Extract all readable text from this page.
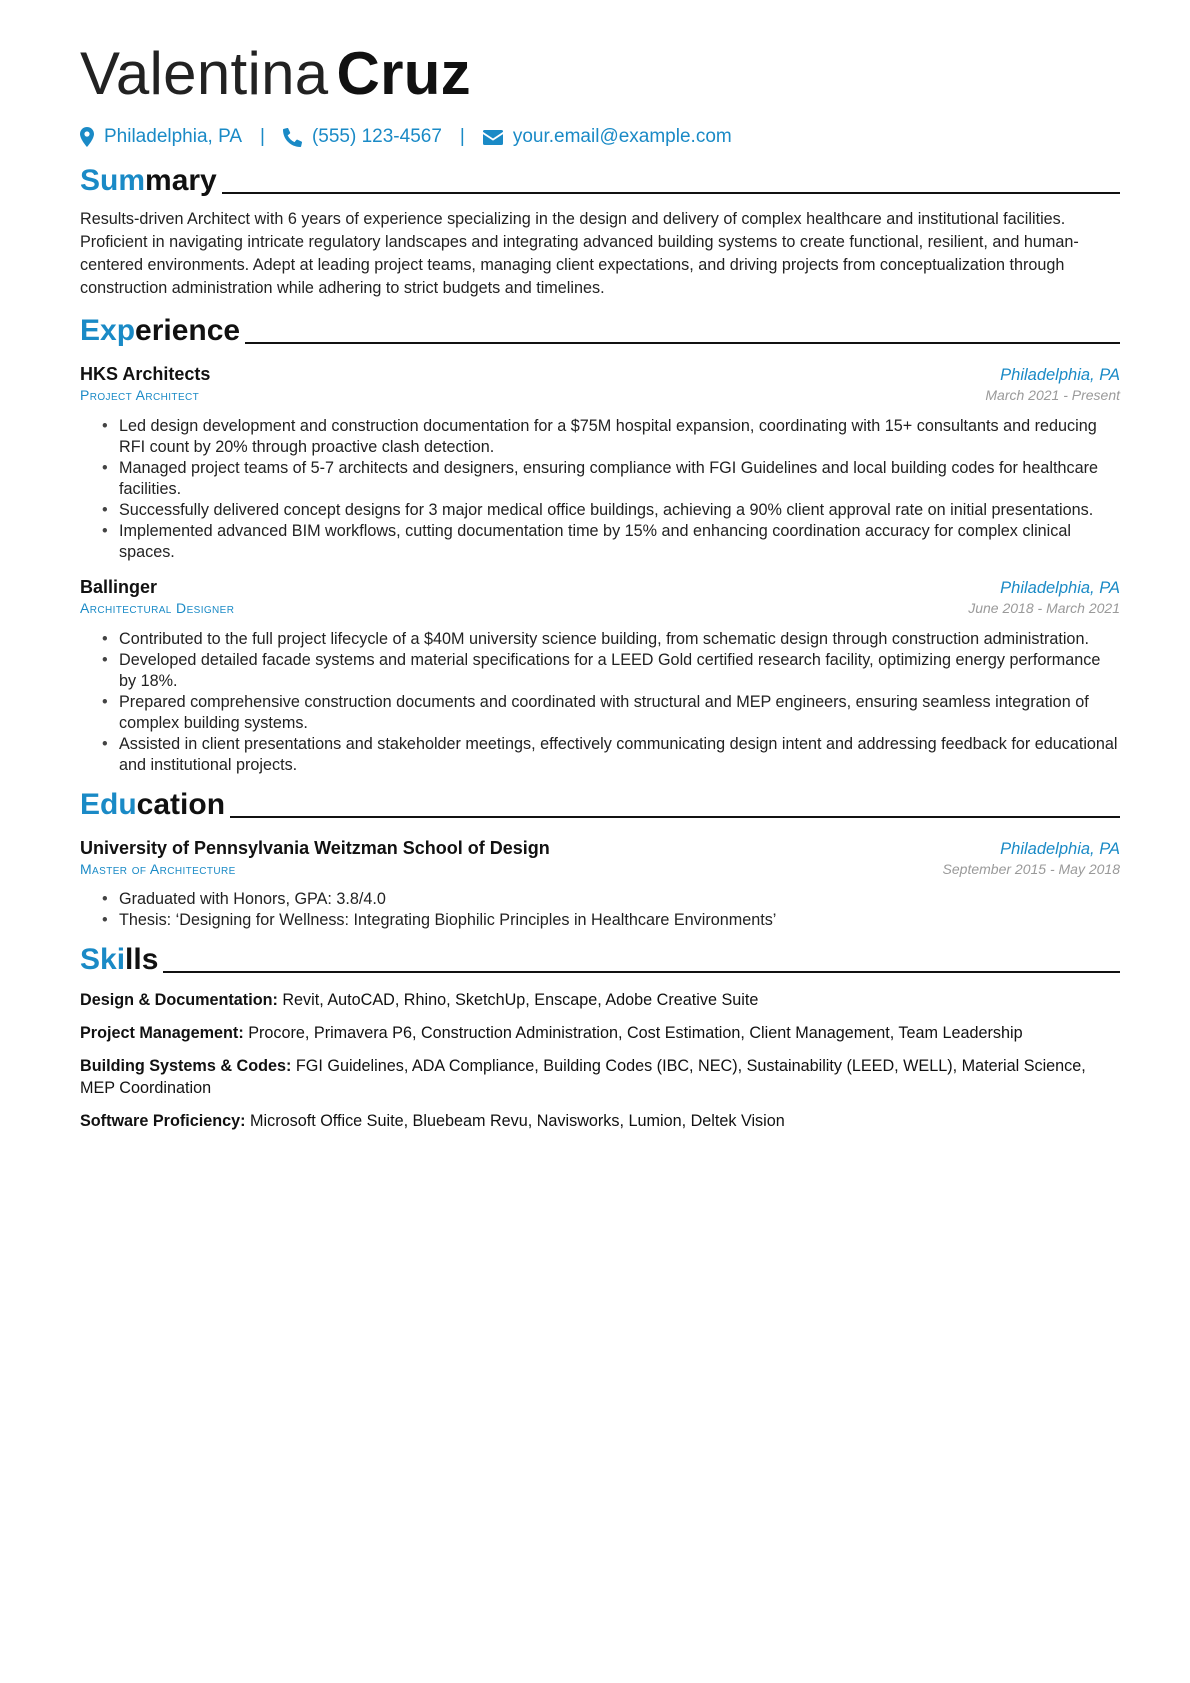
Valentina Cruz
Philadelphia, PA | (555) 123-4567 |	your.email@example.com
Summary
Results-driven Architect with 6 years of experience specializing in the design and delivery of complex healthcare and institutional facilities. Proficient in navigating intricate regulatory landscapes and integrating advanced building systems to create functional, resilient, and human-centered environments. Adept at leading project teams, managing client expectations, and driving projects from conceptualization through construction administration while adhering to strict budgets and timelines.
Experience
HKS Architects	Philadelphia, PA
Project Architect	March 2021 - Present
• Led design development and construction documentation for a $75M hospital expansion, coordinating with 15+ consultants and reducing RFI count by 20% through proactive clash detection.
• Managed project teams of 5-7 architects and designers, ensuring compliance with FGI Guidelines and local building codes for healthcare facilities.
• Successfully delivered concept designs for 3 major medical office buildings, achieving a 90% client approval rate on initial presentations.
• Implemented advanced BIM workflows, cutting documentation time by 15% and enhancing coordination accuracy for complex clinical spaces.
Ballinger	Philadelphia, PA
Architectural Designer	June 2018 - March 2021
• Contributed to the full project lifecycle of a $40M university science building, from schematic design through construction administration.
• Developed detailed facade systems and material specifications for a LEED Gold certified research facility, optimizing energy performance by 18%.
• Prepared comprehensive construction documents and coordinated with structural and MEP engineers, ensuring seamless integration of complex building systems.
• Assisted in client presentations and stakeholder meetings, effectively communicating design intent and addressing feedback for educational and institutional projects.
Education
University of Pennsylvania Weitzman School of Design	Philadelphia, PA
Master of Architecture	September 2015 - May 2018
• Graduated with Honors, GPA: 3.8/4.0
• Thesis: ‘Designing for Wellness: Integrating Biophilic Principles in Healthcare Environments’
Skills
Design & Documentation: Revit, AutoCAD, Rhino, SketchUp, Enscape, Adobe Creative Suite
Project Management: Procore, Primavera P6, Construction Administration, Cost Estimation, Client Management, Team Leadership
Building Systems & Codes: FGI Guidelines, ADA Compliance, Building Codes (IBC, NEC), Sustainability (LEED, WELL), Material Science, MEP Coordination
Software Proficiency: Microsoft Office Suite, Bluebeam Revu, Navisworks, Lumion, Deltek Vision
